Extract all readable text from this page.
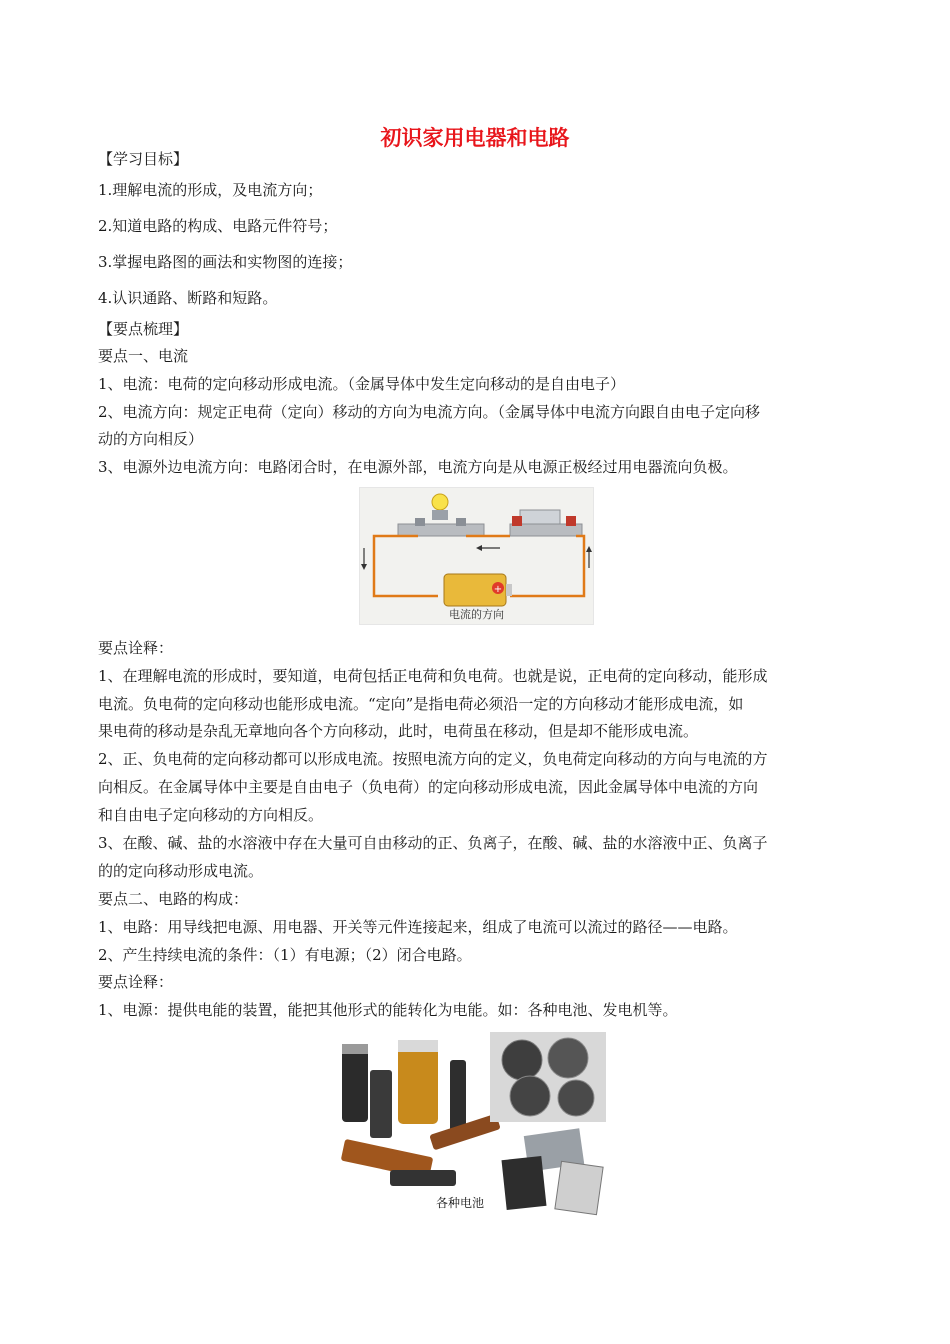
初识家用电器和电路
【学习目标】
1.理解电流的形成，及电流方向；
2.知道电路的构成、电路元件符号；
3.掌握电路图的画法和实物图的连接；
4.认识通路、断路和短路。
【要点梳理】
要点一、电流
1、电流：电荷的定向移动形成电流。（金属导体中发生定向移动的是自由电子）
2、电流方向：规定正电荷（定向）移动的方向为电流方向。（金属导体中电流方向跟自由电子定向移
动的方向相反）
3、电源外边电流方向：电路闭合时，在电源外部，电流方向是从电源正极经过用电器流向负极。
+
电流的方向
要点诠释：
1、在理解电流的形成时，要知道，电荷包括正电荷和负电荷。也就是说，正电荷的定向移动，能形成
电流。负电荷的定向移动也能形成电流。“定向”是指电荷必须沿一定的方向移动才能形成电流，如
果电荷的移动是杂乱无章地向各个方向移动，此时，电荷虽在移动，但是却不能形成电流。
2、正、负电荷的定向移动都可以形成电流。按照电流方向的定义，负电荷定向移动的方向与电流的方
向相反。在金属导体中主要是自由电子（负电荷）的定向移动形成电流，因此金属导体中电流的方向
和自由电子定向移动的方向相反。
3、在酸、碱、盐的水溶液中存在大量可自由移动的正、负离子，在酸、碱、盐的水溶液中正、负离子
的的定向移动形成电流。
要点二、电路的构成：
1、电路：用导线把电源、用电器、开关等元件连接起来，组成了电流可以流过的路径——电路。
2、产生持续电流的条件：（1）有电源；（2）闭合电路。
要点诠释：
1、电源：提供电能的装置，能把其他形式的能转化为电能。如：各种电池、发电机等。
各种电池
